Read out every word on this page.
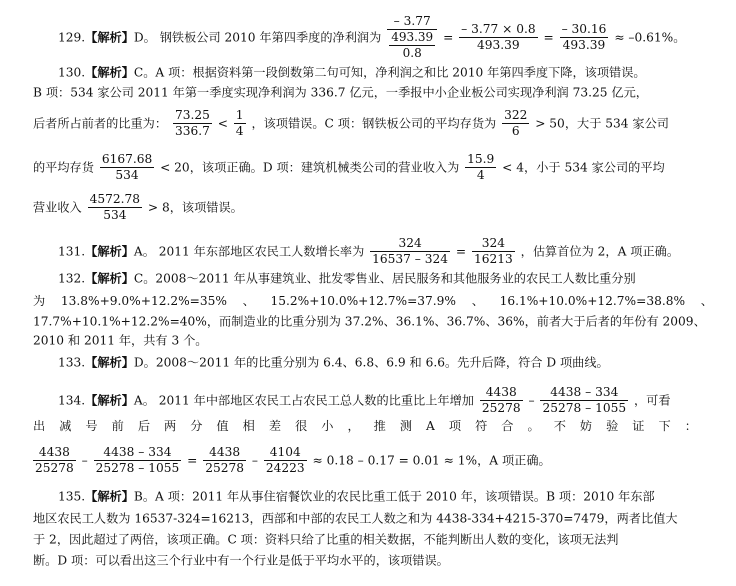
129.【解析】D。 钢铁板公司 2010 年第四季度的净利润为 – 3.77
493.39
$0.8 = \frac{- 3.77 \times 0.8}{493.39} = \frac{- 30.16}{493.39} \approx -0.61\%$。
130.【解析】C。A 项：根据资料第一段倒数第二句可知，净利润之和比 2010 年第四季度下降，该项错误。
B 项：534 家公司 2011 年第一季度实现净利润为 336.7 亿元，一季报中小企业板公司实现净利润 73.25 亿元，
后者所占前者的比重为： $\frac{73.25}{336.7} < \frac{1}{4}$ ，该项错误。C 项：钢铁板公司的平均存货为 $\frac{322}{6} > 50$，大于 534 家公司
的平均存货 $\frac{6167.68}{534} < 20$，该项正确。D 项：建筑机械类公司的营业收入为 $\frac{15.9}{4} < 4$，小于 534 家公司的平均
营业收入 $\frac{4572.78}{534} > 8$，该项错误。
131.【解析】A。 2011 年东部地区农民工人数增长率为 $\frac{324}{16537 - 324} = \frac{324}{16213}$ ，估算首位为 2，A 项正确。
132.【解析】C。2008～2011 年从事建筑业、批发零售业、居民服务和其他服务业的农民工人数比重分别
为 13.8%+9.0%+12.2%=35% 、 15.2%+10.0%+12.7%=37.9% 、 16.1%+10.0%+12.7%=38.8% 、
17.7%+10.1%+12.2%=40%，而制造业的比重分别为 37.2%、36.1%、36.7%、36%，前者大于后者的年份有 2009、
2010 和 2011 年，共有 3 个。
133.【解析】D。2008～2011 年的比重分别为 6.4、6.8、6.9 和 6.6。先升后降，符合 D 项曲线。
134.【解析】A。 2011 年中部地区农民工占农民工总人数的比重比上年增加 $\frac{4438}{25278} - \frac{4438 - 334}{25278 - 1055}$ ，可看
出 减 号 前 后 两 分 值 相 差 很 小 ， 推 测 A 项 符 合 。 不 妨 验 证 下 ：
$\frac{4438}{25278} - \frac{4438 - 334}{25278 - 1055} = \frac{4438}{25278} - \frac{4104}{24223} \approx 0.18 - 0.17 = 0.01 \approx 1\%$，A 项正确。
135.【解析】B。A 项：2011 年从事住宿餐饮业的农民比重工低于 2010 年，该项错误。B 项：2010 年东部
地区农民工人数为 16537-324=16213，西部和中部的农民工人数之和为 4438-334+4215-370=7479，两者比值大
于 2，因此超过了两倍，该项正确。C 项：资料只给了比重的相关数据，不能判断出人数的变化，该项无法判
断。D 项：可以看出这三个行业中有一个行业是低于平均水平的，该项错误。
